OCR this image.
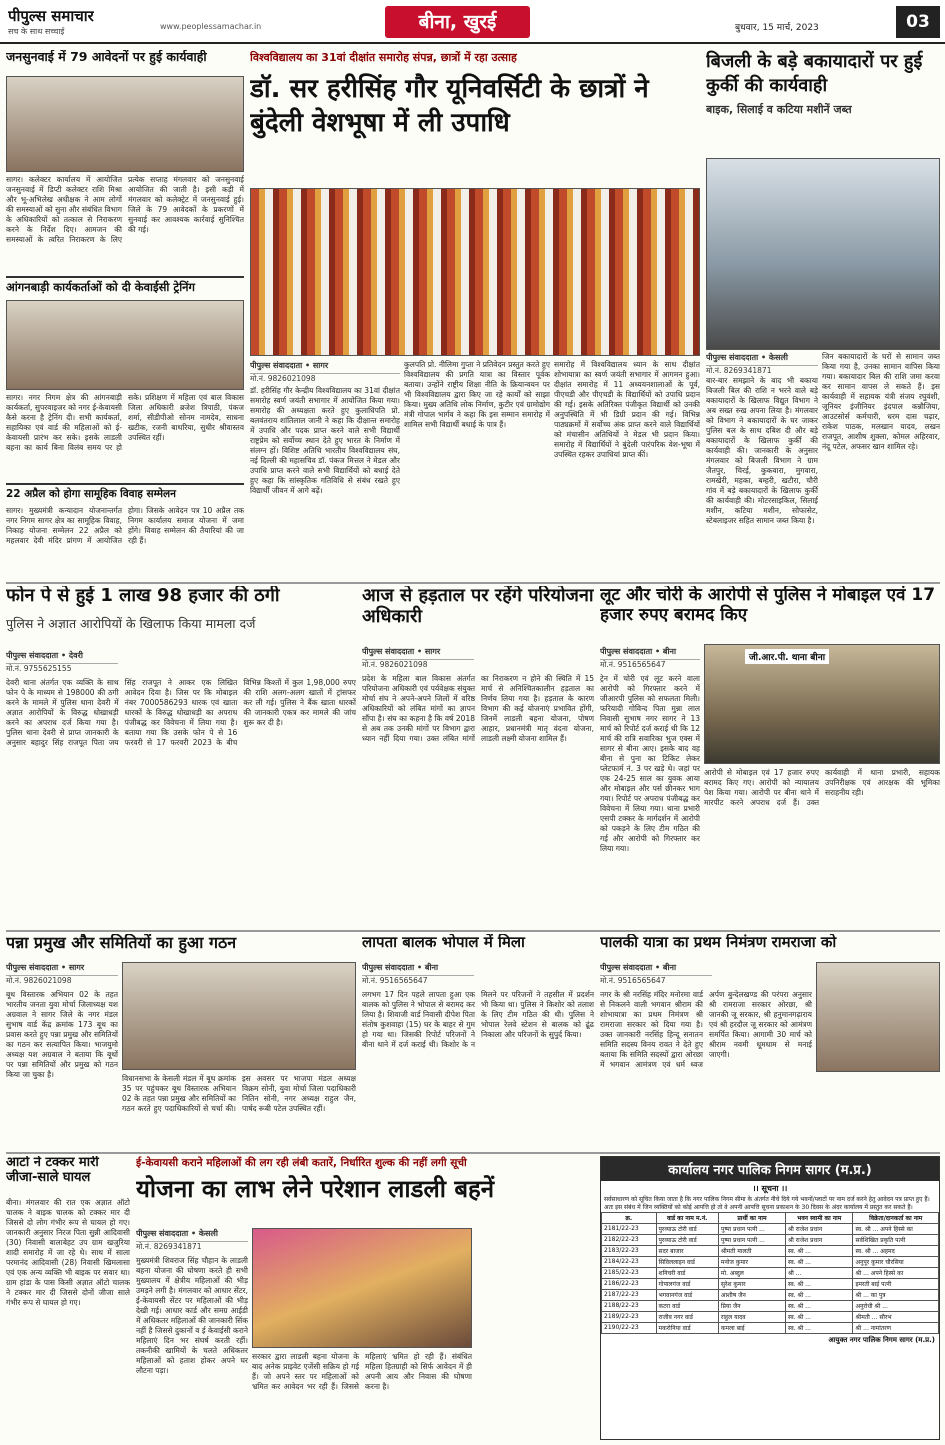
पीपुल्स समाचार
सच के साथ सच्चाई
www.peoplessamachar.in	बीना, खुरई	बुधवार, 15 मार्च, 2023	03
जनसुनवाई में 79 आवेदनों पर हुई कार्यवाही
सागर। कलेक्टर कार्यालय में आयोजित जनसुनवाई में डिप्टी कलेक्टर राशि मिश्रा और भू-अभिलेख अधीक्षक ने आम लोगों की समस्याओं को सुना और संबंधित विभाग के अधिकारियों को तत्काल से निराकरण करने के निर्देश दिए। आमजन की समस्याओं के त्वरित निराकरण के लिए प्रत्येक सप्ताह मंगलवार को जनसुनवाई आयोजित की जाती है। इसी कड़ी में मंगलवार को कलेक्ट्रेट में जनसुनवाई हुई। जिले के 79 आवेदकों के प्रकरणों में सुनवाई कर आवश्यक कार्रवाई सुनिश्चित की गई।
आंगनबाड़ी कार्यकर्ताओं को दी केवाईसी ट्रेनिंग
सागर। नगर निगम क्षेत्र की आंगनबाड़ी कार्यकर्ता, सुपरवाइजर को नगर ई-केवायसी कैसे करना है ट्रेनिंग दी। सभी कार्यकर्ता, सहायिका एवं वार्ड की महिलाओं को ई-केवायसी प्रारंभ कर सके। इसके लाडली बहना का कार्य बिना विलंब समय पर हो सके। प्रशिक्षण में महिला एवं बाल विकास जिला अधिकारी ब्रजेश त्रिपाठी, पंकज शर्मा, सीडीपीओ सोनम नामदेव, साधना खटीक, रजनी बाथरिया, सुधीर श्रीवास्तव उपस्थित रहीं।
22 अप्रैल को होगा सामूहिक विवाह सम्मेलन
सागर। मुख्यमंत्री कन्यादान योजनान्तर्गत नगर निगम सागर क्षेत्र का सामूहिक विवाह, निकाह योजना सम्मेलन 22 अप्रैल को महलवार देवी मंदिर प्रांगण में आयोजित होगा। जिसके आवेदन पत्र 10 अप्रैल तक निगम कार्यालय समाज योजना में जमा होंगे। विवाह सम्मेलन की तैयारियां की जा रही हैं।
विश्वविद्यालय का 31वां दीक्षांत समारोह संपन्न, छात्रों में रहा उत्साह
डॉ. सर हरीसिंह गौर यूनिवर्सिटी के छात्रों ने बुंदेली वेशभूषा में ली उपाधि
पीपुल्स संवाददाता • सागर
मो.नं. 9826021098
डॉ. हरीसिंह गौर केन्द्रीय विश्वविद्यालय का 31वां दीक्षांत समारोह स्वर्ण जयंती सभागार में आयोजित किया गया। समारोह की अध्यक्षता करते हुए कुलाधिपति प्रो. बलवंतराय शांतिलाल जानी ने कहा कि दीक्षान्त समारोह में उपाधि और पदक प्राप्त करने वाले सभी विद्यार्थी राष्ट्रप्रेम को सर्वोच्च स्थान देते हुए भारत के निर्माण में संलग्न हों। विशिष्ट अतिथि भारतीय विश्वविद्यालय संघ, नई दिल्ली की महासचिव डॉ. पंकज मित्तल ने मेडल और उपाधि प्राप्त करने वाले सभी विद्यार्थियों को बधाई देते हुए कहा कि सांस्कृतिक गतिविधि से संबंध रखते हुए विद्यार्थी जीवन में आगे बढ़ें।
कुलपति प्रो. नीलिमा गुप्ता ने प्रतिवेदन प्रस्तुत करते हुए विश्वविद्यालय की प्रगति यात्रा का विस्तार पूर्वक बताया। उन्होंने राष्ट्रीय शिक्षा नीति के क्रियान्वयन पर भी विश्वविद्यालय द्वारा किए जा रहे कार्यों को साझा किया। मुख्य अतिथि लोक निर्माण, कुटीर एवं ग्रामोद्योग मंत्री गोपाल भार्गव ने कहा कि इस सम्मान समारोह में शामिल सभी विद्यार्थी बधाई के पात्र हैं।
समारोह में विश्वविद्यालय ध्यान के साथ दीक्षांत शोभायात्रा का स्वर्ण जयंती सभागार में आगमन हुआ। दीक्षांत समारोह में 11 अध्ययनशालाओं के पूर्व, पीएचडी और पीएचडी के विद्यार्थियों को उपाधि प्रदान की गई। इसके अतिरिक्त पंजीकृत विद्यार्थी को उनकी अनुपस्थिति में भी डिग्री प्रदान की गई। विभिन्न पाठ्यक्रमों में सर्वोच्च अंक प्राप्त करने वाले विद्यार्थियों को मंचासीन अतिथियों ने मेडल भी प्रदान किया। समारोह में विद्यार्थियों ने बुंदेली पारंपरिक वेश-भूषा में उपस्थित रहकर उपाधियां प्राप्त कीं।
बिजली के बड़े बकायादारों पर हुई कुर्की की कार्यवाही
बाइक, सिलाई व कटिया मशीनें जब्त
पीपुल्स संवाददाता • केसली
मो.नं. 8269341871
बार-बार समझाने के बाद भी बकाया बिजली बिल की राशि न भरने वाले बड़े बकायादारों के खिलाफ विद्युत विभाग ने अब सख्त रुख अपना लिया है। मंगलवार को विभाग ने बकायादारों के घर जाकर पुलिस बल के साथ दबिश दी और बड़े बकायादारों के खिलाफ कुर्की की कार्यवाही की। जानकारी के अनुसार मंगलवार को बिजली विभाग ने ग्राम जैतपुर, चिरई, कुकवारा, मुगवारा, रामखेरी, महका, बम्हरी, खटौरा, चौरी गांव में बड़े बकायादारों के खिलाफ कुर्की की कार्यवाही की। मोटरसाइकिल, सिलाई मशीन, कटिया मशीन, सोफासेट, स्टेबलाइजर सहित सामान जब्त किया है।
जिन बकायादारों के घरों से सामान जब्त किया गया है, उनका सामान वापिस किया गया। बकायादार बिल की राशि जमा करवा कर सामान वापस ले सकते हैं। इस कार्यवाही में सहायक यंत्री संजय रघुवंशी, जूनियर इंजीनियर इंदपाल कन्नौजिया, आउटसोर्स कर्मचारी, धरम दास चढ़ार, राकेश पाठक, मलखान यादव, लखन राजपूत, आशीष शुक्ला, कोमल अहिरवार, नंदू पटेल, अफसर खान शामिल रहे।
फोन पे से हुई 1 लाख 98 हजार की ठगी
पुलिस ने अज्ञात आरोपियों के खिलाफ किया मामला दर्ज
पीपुल्स संवाददाता • देवरी
मो.नं. 9755625155
देवरी थाना अंतर्गत एक व्यक्ति के साथ फोन पे के माध्यम से 198000 की ठगी करने के मामले में पुलिस थाना देवरी में अज्ञात आरोपियों के विरुद्ध धोखाधड़ी करने का अपराध दर्ज किया गया है। पुलिस थाना देवरी से प्राप्त जानकारी के अनुसार बहादुर सिंह राजपूत पिता जय सिंह राजपूत ने आकर एक लिखित आवेदन दिया है। जिस पर कि मोबाइल नंबर 7000586293 धारक एवं खाता धारकों के विरुद्ध धोखाधड़ी का अपराध पंजीबद्ध कर विवेचना में लिया गया है। बताया गया कि उसके फोन पे से 16 फरवरी से 17 फरवरी 2023 के बीच विभिन्न किश्तों में कुल 1,98,000 रुपए की राशि अलग-अलग खातों में ट्रांसफर कर ली गई। पुलिस ने बैंक खाता धारकों की जानकारी एकत्र कर मामले की जांच शुरू कर दी है।
आज से हड़ताल पर रहेंगे परियोजना अधिकारी
पीपुल्स संवाददाता • सागर
मो.नं. 9826021098
प्रदेश के महिला बाल विकास अंतर्गत परियोजना अधिकारी एवं पर्यवेक्षक संयुक्त मोर्चा संघ ने अपने-अपने जिलों में वरिष्ठ अधिकारियों को लंबित मांगों का ज्ञापन सौंपा है। संघ का कहना है कि वर्ष 2018 से अब तक उनकी मांगों पर विभाग द्वारा ध्यान नहीं दिया गया। उक्त लंबित मांगों का निराकरण न होने की स्थिति में 15 मार्च से अनिश्चितकालीन हड़ताल का निर्णय लिया गया है। हड़ताल के कारण विभाग की कई योजनाएं प्रभावित होंगी, जिनमें लाडली बहना योजना, पोषण आहार, प्रधानमंत्री मातृ वंदना योजना, लाडली लक्ष्मी योजना शामिल हैं।
लूट और चोरी के आरोपी से पुलिस ने मोबाइल एवं 17 हजार रुपए बरामद किए
पीपुल्स संवाददाता • बीना
मो.नं. 9516565647
जी.आर.पी. थाना बीना
ट्रेन में चोरी एवं लूट करने वाला आरोपी को गिरफ्तार करने में जीआरपी पुलिस को सफलता मिली। फरियादी गोविन्द पिता मुन्ना लाल निवासी सुभाष नगर सागर ने 13 मार्च को रिपोर्ट दर्ज कराई थी कि 12 मार्च की रात्रि सवारिका भुज एक्स में सागर से बीना आए। इसके बाद वह बीना से पुना का टिकिट लेकर प्लेटफार्म नं. 3 पर खड़े थे। जहां पर एक 24-25 साल का युवक आया और मोबाइल और पर्स छीनकर भाग गया। रिपोर्ट पर अपराध पंजीबद्ध कर विवेचना में लिया गया। थाना प्रभारी एसपी टक्कर के मार्गदर्शन में आरोपी को पकड़ने के लिए टीम गठित की गई और आरोपी को गिरफ्तार कर लिया गया।
आरोपी से मोबाइल एवं 17 हजार रुपए बरामद किए गए। आरोपी को न्यायालय पेश किया गया। आरोपी पर बीना थाने में मारपीट करने अपराध दर्ज हैं। उक्त कार्यवाही में थाना प्रभारी, सहायक उपनिरीक्षक एवं आरक्षक की भूमिका सराहनीय रही।
पन्ना प्रमुख और समितियों का हुआ गठन
पीपुल्स संवाददाता • सागर
मो.नं. 9826021098
बूथ विस्तारक अभियान 02 के तहत भारतीय जनता युवा मोर्चा जिलाध्यक्ष यश अग्रवाल ने सागर जिले के नगर मंडल सुभाष वार्ड केंद्र क्रमांक 173 बूथ का प्रवास करते हुए पन्ना प्रमुख और समितियों का गठन कर सत्यापित किया। भाजयुमो अध्यक्ष यश अग्रवाल ने बताया कि बूथों पर पन्ना समितियों और प्रमुख को गठन किया जा चुका है।	विधानसभा के केसली मंडल में बूथ क्रमांक 35 पर पहुंचकर बूथ विस्तारक अभियान 02 के तहत पन्ना प्रमुख और समितियों का गठन करते हुए पदाधिकारियों से चर्चा की। इस अवसर पर भाजपा मंडल अध्यक्ष विक्रम सोनी, युवा मोर्चा जिला पदाधिकारी नितिन सोनी, नगर अध्यक्ष राहुल जैन, पार्षद रूबी पटेल उपस्थित रहीं।
लापता बालक भोपाल में मिला
पीपुल्स संवाददाता • बीना
मो.नं. 9516565647
लगभग 17 दिन पहले लापता हुआ एक बालक को पुलिस ने भोपाल से बरामद कर लिया है। शिवाजी वार्ड निवासी दीपेश पिता संतोष कुशवाहा (15) घर के बाहर से गुम हो गया था। जिसकी रिपोर्ट परिजनों ने बीना थाने में दर्ज कराई थी। किशोर के न मिलने पर परिजनों ने तहसील में प्रदर्शन भी किया था। पुलिस ने किशोर को तलाश के लिए टीम गठित की थी। पुलिस ने भोपाल रेलवे स्टेशन से बालक को ढूंढ निकाला और परिजनों के सुपुर्द किया।
पालकी यात्रा का प्रथम निमंत्रण रामराजा को
पीपुल्स संवाददाता • बीना
मो.नं. 9516565647
नगर के श्री नरसिंह मंदिर मनोरमा वार्ड से निकलने वाली भगवान श्रीराम की शोभायात्रा का प्रथम निमंत्रण श्री रामराजा सरकार को दिया गया है। उक्त जानकारी नरसिंह हिन्दू सनातन समिति सदस्य विनय रावत ने देते हुए बताया कि समिति सदस्यों द्वारा ओरछा में भगवान आमंत्रण एवं धर्म ध्वज अर्पण बुन्देलखण्ड की परंपरा अनुसार श्री रामराजा सरकार ओरछा, श्री जानकी जू सरकार, श्री हनुमानगढ़ाराय एवं श्री हरदौल जू सरकार को आमंत्रण समर्पित किया। आगामी 30 मार्च को श्रीराम नवमी धूमधाम से मनाई जाएगी।
आटो ने टक्कर मारी जीजा-साले घायल
बीना। मंगलवार की रात एक अज्ञात ऑटो चालक ने बाइक चालक को टक्कर मार दी जिससे दो लोग गंभीर रूप से घायल हो गए। जानकारी अनुसार निरज पिता सुन्नी आदिवासी (30) निवासी बालाबेहट उप ग्राम खजुरिया शादी समारोह में जा रहे थे। साथ में साला परमानंद आदिवासी (28) निवासी खिमलासा एवं एक अन्य व्यक्ति भी बाइक पर सवार था। ग्राम हांडा के पास किसी अज्ञात ऑटो चालक ने टक्कर मार दी जिससे दोनों जीजा साले गंभीर रूप से घायल हो गए।
ई-केवायसी कराने महिलाओं की लग रही लंबी कतारें, निर्धारित शुल्क की नहीं लगी सूची
योजना का लाभ लेने परेशान लाडली बहनें
पीपुल्स संवाददाता • केसली
मो.नं. 8269341871
मुख्यमंत्री शिवराज सिंह चौहान के लाडली बहना योजना की घोषणा करते ही सभी मुख्यालय में क्षेत्रीय महिलाओं की भीड़ उमड़ने लगी है। मंगलवार को आधार सेंटर, ई-केवायसी सेंटर पर महिलाओं की भीड़ देखी गई। आधार कार्ड और समग्र आईडी में अधिकतर महिलाओं की जानकारी सिंक नहीं है जिससे दुकानों व ई केवाईसी कराने महिलाएं दिन भर संघर्ष करती रहीं। तकनीकी खामियों के चलते अधिकतर महिलाओं को हताश होकर अपने घर लौटना पड़ा।
सरकार द्वारा लाडली बहना योजना के बाद अनेक प्राइवेट एजेंसी सक्रिय हो गई हैं। जो अपने स्तर पर महिलाओं को भ्रमित कर आवेदन भर रही हैं। जिससे महिलाएं भ्रमित हो रही हैं। संबंधित महिला हितग्राही को सिर्फ आवेदन में ही अपनी आय और निवास की घोषणा करना है।
कार्यालय नगर पालिक निगम सागर (म.प्र.)
।। सूचना ।।
सर्वसाधारण को सूचित किया जाता है कि नगर पालिक निगम सीमा के अंतर्गत नीचे दिये गये भवनों/प्लाटों पर नाम दर्ज करने हेतु आवेदन पत्र प्राप्त हुए हैं। अतः इस संबंध में जिन व्यक्तियों को कोई आपत्ति हो तो वे अपनी आपत्ति सूचना प्रकाशन के 30 दिवस के अंदर कार्यालय में प्रस्तुत कर सकते हैं।
क्र.	वार्ड का नाम म.नं.	प्रार्थी का नाम	भवन स्वामी का नाम	विक्रेता/दानकर्ता का नाम
2181/22-23	पुरव्याऊ टोरी वार्ड	पुष्पा प्रधान पत्नी ...	श्री राजेश प्रधान	स्व. श्री ... अपने हिस्से का
2182/22-23	पुरव्याऊ टोरी वार्ड	पुष्पा प्रधान पत्नी ...	श्री राजेश प्रधान	सर्वशिखित प्रकृति पत्नी
2183/22-23	सदर बाजार	श्रीमती मालती	स्व. श्री ...	स्व. श्री ... अहमद
2184/22-23	सिविललाइन वार्ड	मनोज कुमार	स्व. श्री ...	अनुपूर कुमार चौरसिया
2185/22-23	शनिचरी वार्ड	मो. अब्दुल	श्री ...	श्री ... अपने हिस्से का
2186/22-23	गोपालगंज वार्ड	सुरेश कुमार	स्व. श्री ...	इमरती बाई पत्नी
2187/22-23	भगवानगंज वार्ड	आशीष जैन	स्व. श्री ...	श्री ... का पुत्र
2188/22-23	कटरा वार्ड	प्रिया जैन	स्व. श्री ...	अनुरोधी श्री ...
2189/22-23	राजीव नगर वार्ड	राहुल यादव	स्व. श्री ...	श्रीमती ... सौरभ
2190/22-23	मकरोनिया वार्ड	कमला बाई	स्व. श्री ...	श्री ... नामांतरण
आयुक्त नगर पालिक निगम सागर (म.प्र.)
